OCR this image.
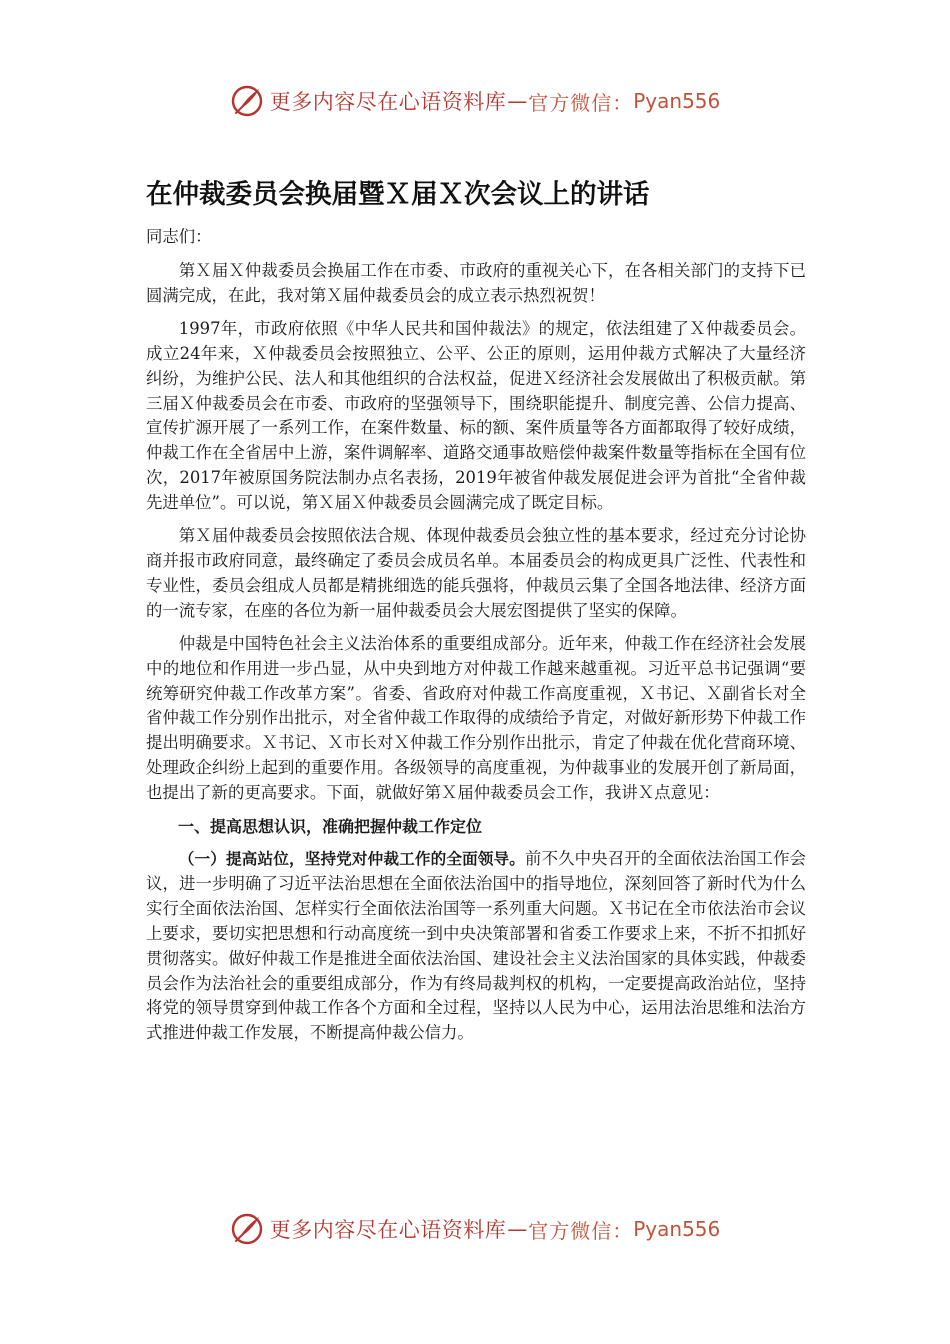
更多内容尽在心语资料库 — 官方微信： Pyan556
在仲裁委员会换届暨Ｘ届Ｘ次会议上的讲话

同志们：

第Ｘ届Ｘ仲裁委员会换届工作在市委、市政府的重视关心下，在各相关部门的支持下已圆满完成，在此，我对第Ｘ届仲裁委员会的成立表示热烈祝贺！

1997年，市政府依照《中华人民共和国仲裁法》的规定，依法组建了Ｘ仲裁委员会。成立24年来，Ｘ仲裁委员会按照独立、公平、公正的原则，运用仲裁方式解决了大量经济纠纷，为维护公民、法人和其他组织的合法权益，促进Ｘ经济社会发展做出了积极贡献。第三届Ｘ仲裁委员会在市委、市政府的坚强领导下，围绕职能提升、制度完善、公信力提高、宣传扩源开展了一系列工作，在案件数量、标的额、案件质量等各方面都取得了较好成绩，仲裁工作在全省居中上游，案件调解率、道路交通事故赔偿仲裁案件数量等指标在全国有位次，2017年被原国务院法制办点名表扬，2019年被省仲裁发展促进会评为首批“全省仲裁先进单位”。可以说，第Ｘ届Ｘ仲裁委员会圆满完成了既定目标。

第Ｘ届仲裁委员会按照依法合规、体现仲裁委员会独立性的基本要求，经过充分讨论协商并报市政府同意，最终确定了委员会成员名单。本届委员会的构成更具广泛性、代表性和专业性，委员会组成人员都是精挑细选的能兵强将，仲裁员云集了全国各地法律、经济方面的一流专家，在座的各位为新一届仲裁委员会大展宏图提供了坚实的保障。

仲裁是中国特色社会主义法治体系的重要组成部分。近年来，仲裁工作在经济社会发展中的地位和作用进一步凸显，从中央到地方对仲裁工作越来越重视。习近平总书记强调“要统筹研究仲裁工作改革方案”。省委、省政府对仲裁工作高度重视，Ｘ书记、Ｘ副省长对全省仲裁工作分别作出批示，对全省仲裁工作取得的成绩给予肯定，对做好新形势下仲裁工作提出明确要求。Ｘ书记、Ｘ市长对Ｘ仲裁工作分别作出批示，肯定了仲裁在优化营商环境、处理政企纠纷上起到的重要作用。各级领导的高度重视，为仲裁事业的发展开创了新局面，也提出了新的更高要求。下面，就做好第Ｘ届仲裁委员会工作，我讲Ｘ点意见：

一、提高思想认识，准确把握仲裁工作定位

（一）提高站位，坚持党对仲裁工作的全面领导。前不久中央召开的全面依法治国工作会议，进一步明确了习近平法治思想在全面依法治国中的指导地位，深刻回答了新时代为什么实行全面依法治国、怎样实行全面依法治国等一系列重大问题。Ｘ书记在全市依法治市会议上要求，要切实把思想和行动高度统一到中央决策部署和省委工作要求上来，不折不扣抓好贯彻落实。做好仲裁工作是推进全面依法治国、建设社会主义法治国家的具体实践，仲裁委员会作为法治社会的重要组成部分，作为有终局裁判权的机构，一定要提高政治站位，坚持将党的领导贯穿到仲裁工作各个方面和全过程，坚持以人民为中心，运用法治思维和法治方式推进仲裁工作发展，不断提高仲裁公信力。

更多内容尽在心语资料库 — 官方微信： Pyan556
